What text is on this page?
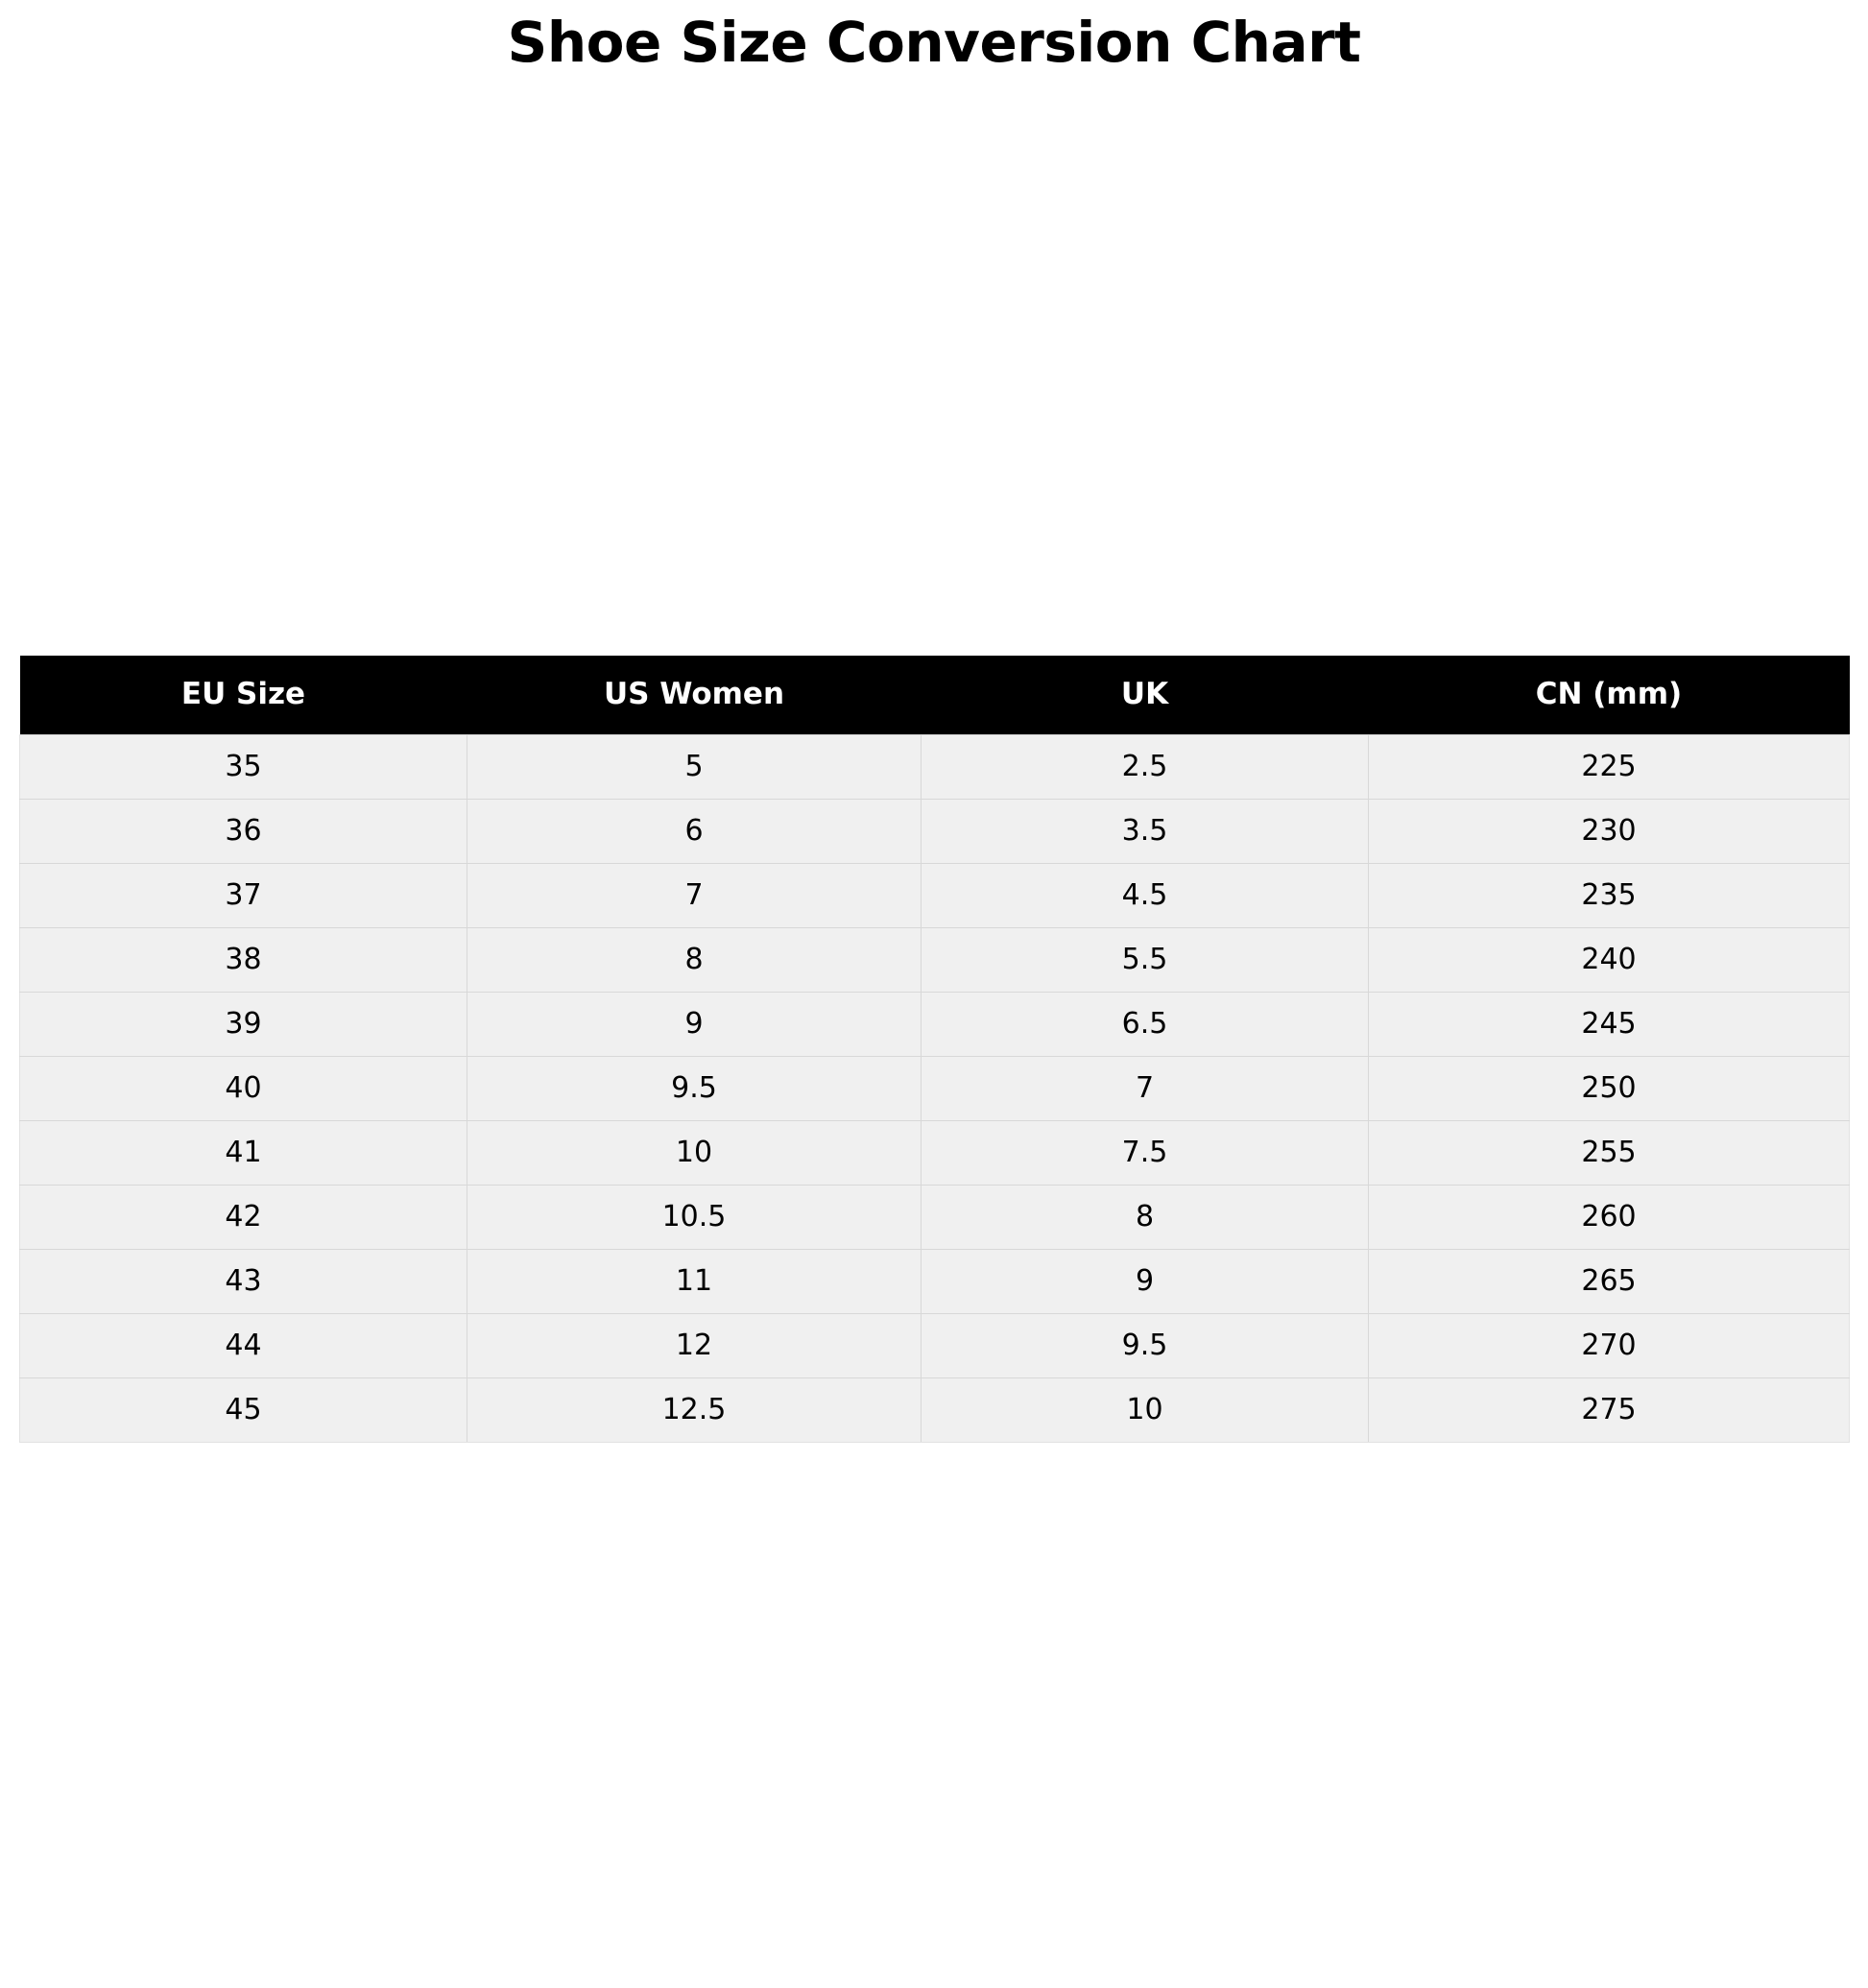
Shoe Size Conversion Chart
EU Size	US Women	UK	CN (mm)
35	5	2.5	225
36	6	3.5	230
37	7	4.5	235
38	8	5.5	240
39	9	6.5	245
40	9.5	7	250
41	10	7.5	255
42	10.5	8	260
43	11	9	265
44	12	9.5	270
45	12.5	10	275
